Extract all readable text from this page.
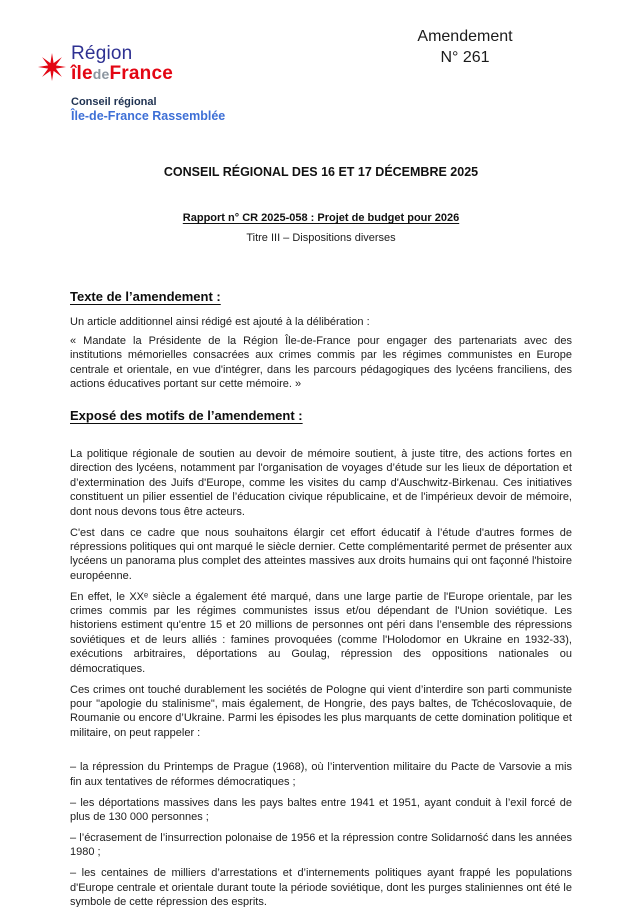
Région
îledeFrance
Conseil régional
Île-de-France Rassemblée
Amendement
N° 261
CONSEIL RÉGIONAL DES 16 ET 17 DÉCEMBRE 2025
Rapport n° CR 2025-058 : Projet de budget pour 2026
Titre III – Dispositions diverses
Texte de l’amendement :
Un article additionnel ainsi rédigé est ajouté à la délibération :
« Mandate la Présidente de la Région Île-de-France pour engager des partenariats avec des institutions mémorielles consacrées aux crimes commis par les régimes communistes en Europe centrale et orientale, en vue d'intégrer, dans les parcours pédagogiques des lycéens franciliens, des actions éducatives portant sur cette mémoire. »
Exposé des motifs de l’amendement :

La politique régionale de soutien au devoir de mémoire soutient, à juste titre, des actions fortes en direction des lycéens, notamment par l'organisation de voyages d’étude sur les lieux de déportation et d’extermination des Juifs d'Europe, comme les visites du camp d'Auschwitz-Birkenau. Ces initiatives constituent un pilier essentiel de l’éducation civique républicaine, et de l'impérieux devoir de mémoire, dont nous devons tous être acteurs.

C'est dans ce cadre que nous souhaitons élargir cet effort éducatif à l’étude d'autres formes de répressions politiques qui ont marqué le siècle dernier. Cette complémentarité permet de présenter aux lycéens un panorama plus complet des atteintes massives aux droits humains qui ont façonné l'histoire européenne.

En effet, le XXᵉ siècle a également été marqué, dans une large partie de l'Europe orientale, par les crimes commis par les régimes communistes issus et/ou dépendant de l'Union soviétique. Les historiens estiment qu'entre 15 et 20 millions de personnes ont péri dans l’ensemble des répressions soviétiques et de leurs alliés : famines provoquées (comme l'Holodomor en Ukraine en 1932-33), exécutions arbitraires, déportations au Goulag, répression des oppositions nationales ou démocratiques.

Ces crimes ont touché durablement les sociétés de Pologne qui vient d’interdire son parti communiste pour "apologie du stalinisme", mais également, de Hongrie, des pays baltes, de Tchécoslovaquie, de Roumanie ou encore d’Ukraine. Parmi les épisodes les plus marquants de cette domination politique et militaire, on peut rappeler :

– la répression du Printemps de Prague (1968), où l’intervention militaire du Pacte de Varsovie a mis fin aux tentatives de réformes démocratiques ;

– les déportations massives dans les pays baltes entre 1941 et 1951, ayant conduit à l’exil forcé de plus de 130 000 personnes ;

– l’écrasement de l’insurrection polonaise de 1956 et la répression contre Solidarność dans les années 1980 ;

– les centaines de milliers d’arrestations et d’internements politiques ayant frappé les populations d'Europe centrale et orientale durant toute la période soviétique, dont les purges staliniennes ont été le symbole de cette répression des esprits.
